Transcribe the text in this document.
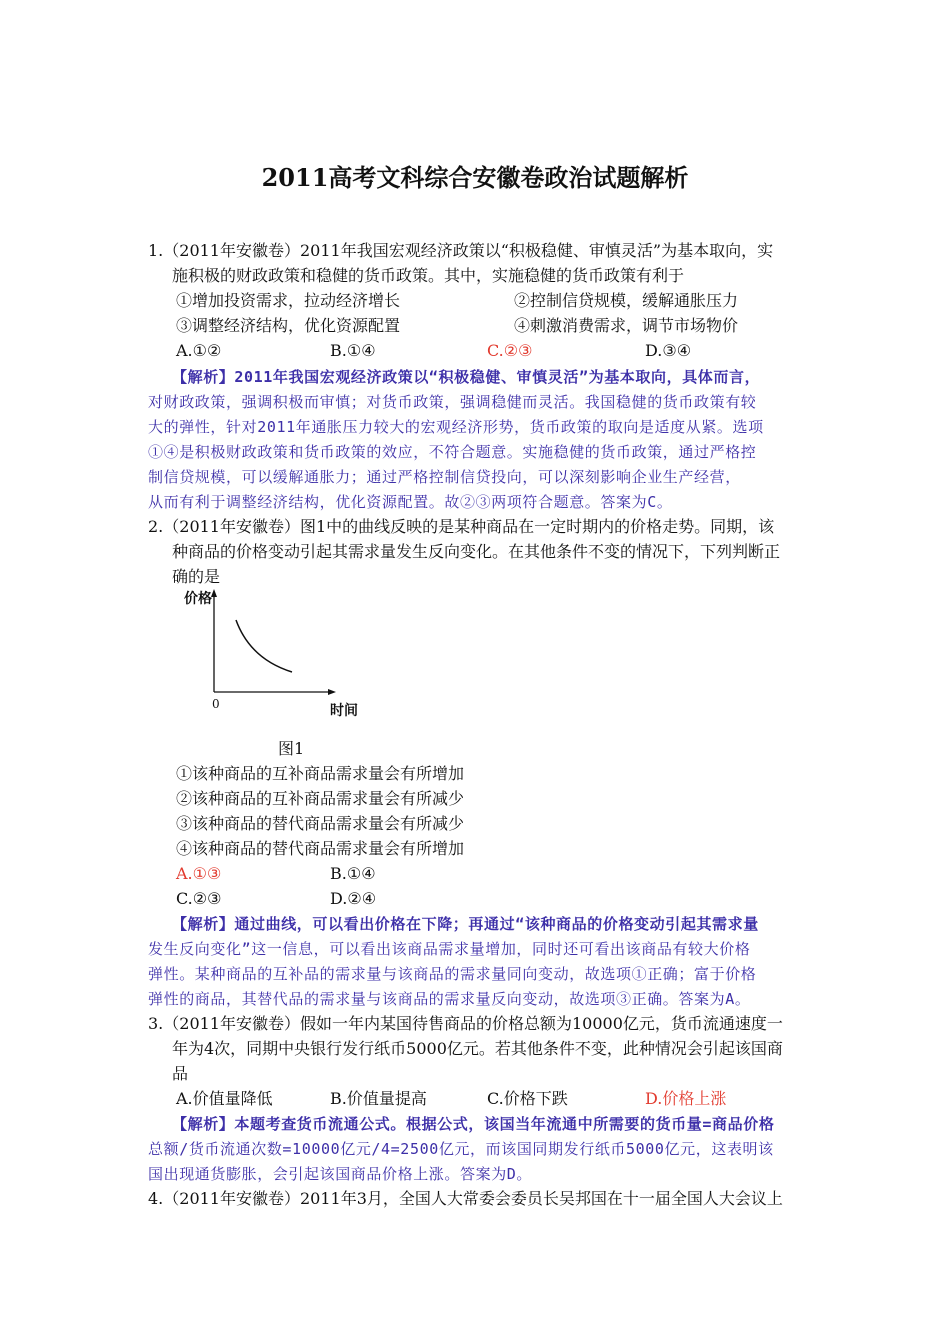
2011高考文科综合安徽卷政治试题解析
1.（2011年安徽卷）2011年我国宏观经济政策以“积极稳健、审慎灵活”为基本取向，实
施积极的财政政策和稳健的货币政策。其中，实施稳健的货币政策有利于
①增加投资需求，拉动经济增长	②控制信贷规模，缓解通胀压力
③调整经济结构，优化资源配置	④刺激消费需求，调节市场物价
A.①②	B.①④	C.②③	D.③④
【解析】2011年我国宏观经济政策以“积极稳健、审慎灵活”为基本取向，具体而言，
对财政政策，强调积极而审慎；对货币政策，强调稳健而灵活。我国稳健的货币政策有较
大的弹性，针对2011年通胀压力较大的宏观经济形势，货币政策的取向是适度从紧。选项
①④是积极财政政策和货币政策的效应，不符合题意。实施稳健的货币政策，通过严格控
制信贷规模，可以缓解通胀力；通过严格控制信贷投向，可以深刻影响企业生产经营，
从而有利于调整经济结构，优化资源配置。故②③两项符合题意。答案为C。
2.（2011年安徽卷）图1中的曲线反映的是某种商品在一定时期内的价格走势。同期，该
种商品的价格变动引起其需求量发生反向变化。在其他条件不变的情况下，下列判断正
确的是
价格
时间
0
图1
①该种商品的互补商品需求量会有所增加
②该种商品的互补商品需求量会有所减少
③该种商品的替代商品需求量会有所减少
④该种商品的替代商品需求量会有所增加
A.①③	B.①④
C.②③	D.②④
【解析】通过曲线，可以看出价格在下降；再通过“该种商品的价格变动引起其需求量
发生反向变化”这一信息，可以看出该商品需求量增加，同时还可看出该商品有较大价格
弹性。某种商品的互补品的需求量与该商品的需求量同向变动，故选项①正确；富于价格
弹性的商品，其替代品的需求量与该商品的需求量反向变动，故选项③正确。答案为A。
3.（2011年安徽卷）假如一年内某国待售商品的价格总额为10000亿元，货币流通速度一
年为4次，同期中央银行发行纸币5000亿元。若其他条件不变，此种情况会引起该国商
品
A.价值量降低	B.价值量提高	C.价格下跌	D.价格上涨
【解析】本题考查货币流通公式。根据公式，该国当年流通中所需要的货币量=商品价格
总额/货币流通次数=10000亿元/4=2500亿元，而该国同期发行纸币5000亿元，这表明该
国出现通货膨胀，会引起该国商品价格上涨。答案为D。
4.（2011年安徽卷）2011年3月，全国人大常委会委员长吴邦国在十一届全国人大会议上
